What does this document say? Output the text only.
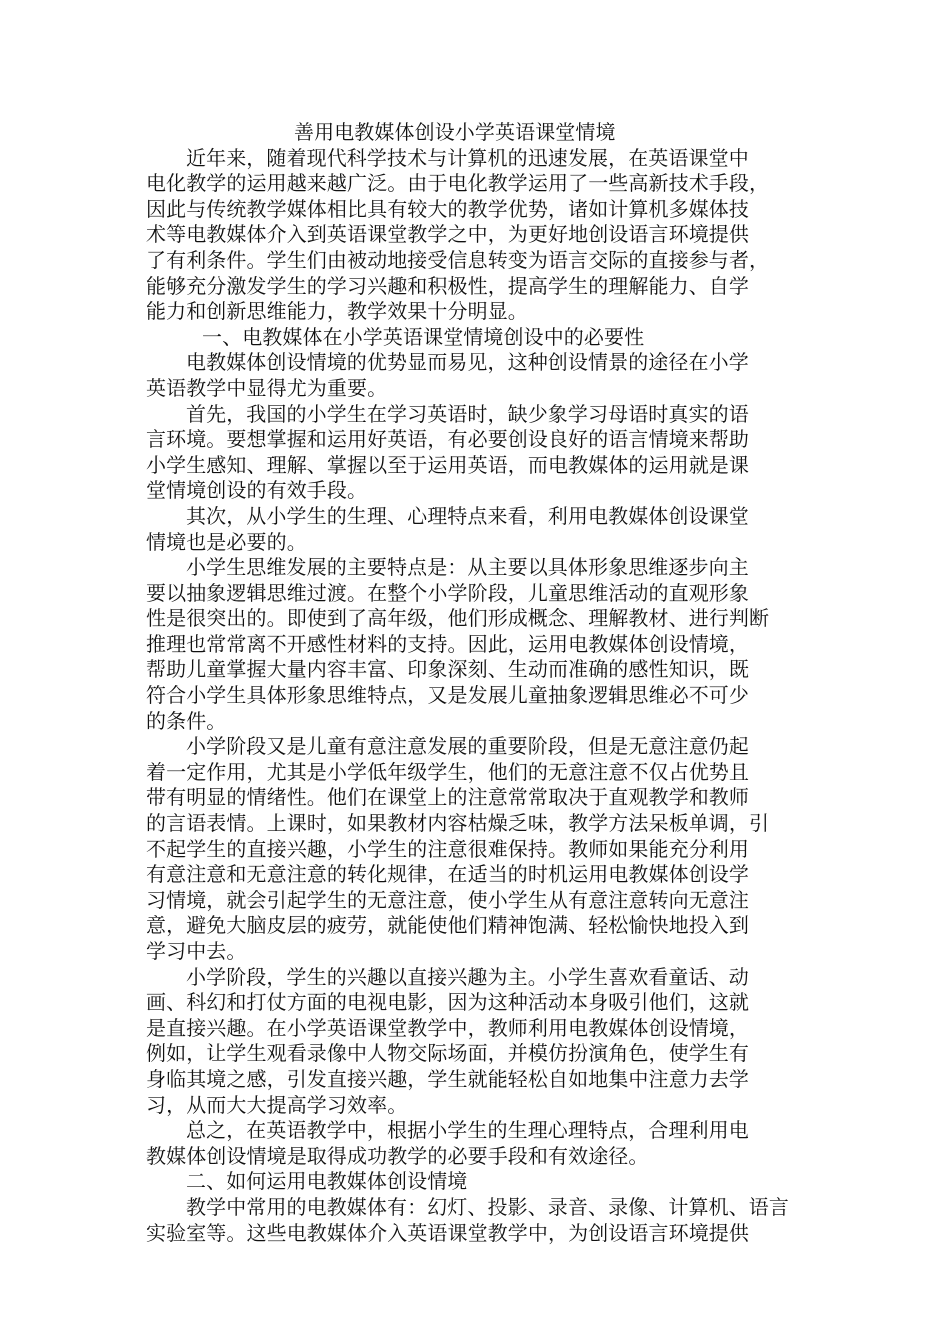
善用电教媒体创设小学英语课堂情境
近年来，随着现代科学技术与计算机的迅速发展，在英语课堂中
电化教学的运用越来越广泛。由于电化教学运用了一些高新技术手段，
因此与传统教学媒体相比具有较大的教学优势，诸如计算机多媒体技
术等电教媒体介入到英语课堂教学之中，为更好地创设语言环境提供
了有利条件。学生们由被动地接受信息转变为语言交际的直接参与者，
能够充分激发学生的学习兴趣和积极性，提高学生的理解能力、自学
能力和创新思维能力，教学效果十分明显。
一、电教媒体在小学英语课堂情境创设中的必要性
电教媒体创设情境的优势显而易见，这种创设情景的途径在小学
英语教学中显得尤为重要。
首先，我国的小学生在学习英语时，缺少象学习母语时真实的语
言环境。要想掌握和运用好英语，有必要创设良好的语言情境来帮助
小学生感知、理解、掌握以至于运用英语，而电教媒体的运用就是课
堂情境创设的有效手段。
其次，从小学生的生理、心理特点来看，利用电教媒体创设课堂
情境也是必要的。
小学生思维发展的主要特点是：从主要以具体形象思维逐步向主
要以抽象逻辑思维过渡。在整个小学阶段，儿童思维活动的直观形象
性是很突出的。即使到了高年级，他们形成概念、理解教材、进行判断
推理也常常离不开感性材料的支持。因此，运用电教媒体创设情境，
帮助儿童掌握大量内容丰富、印象深刻、生动而准确的感性知识，既
符合小学生具体形象思维特点，又是发展儿童抽象逻辑思维必不可少
的条件。
小学阶段又是儿童有意注意发展的重要阶段，但是无意注意仍起
着一定作用，尤其是小学低年级学生，他们的无意注意不仅占优势且
带有明显的情绪性。他们在课堂上的注意常常取决于直观教学和教师
的言语表情。上课时，如果教材内容枯燥乏味，教学方法呆板单调，引
不起学生的直接兴趣，小学生的注意很难保持。教师如果能充分利用
有意注意和无意注意的转化规律，在适当的时机运用电教媒体创设学
习情境，就会引起学生的无意注意，使小学生从有意注意转向无意注
意，避免大脑皮层的疲劳，就能使他们精神饱满、轻松愉快地投入到
学习中去。
小学阶段，学生的兴趣以直接兴趣为主。小学生喜欢看童话、动
画、科幻和打仗方面的电视电影，因为这种活动本身吸引他们，这就
是直接兴趣。在小学英语课堂教学中，教师利用电教媒体创设情境，
例如，让学生观看录像中人物交际场面，并模仿扮演角色，使学生有
身临其境之感，引发直接兴趣，学生就能轻松自如地集中注意力去学
习，从而大大提高学习效率。
总之，在英语教学中，根据小学生的生理心理特点，合理利用电
教媒体创设情境是取得成功教学的必要手段和有效途径。
二、如何运用电教媒体创设情境
教学中常用的电教媒体有：幻灯、投影、录音、录像、计算机、语言
实验室等。这些电教媒体介入英语课堂教学中，为创设语言环境提供
